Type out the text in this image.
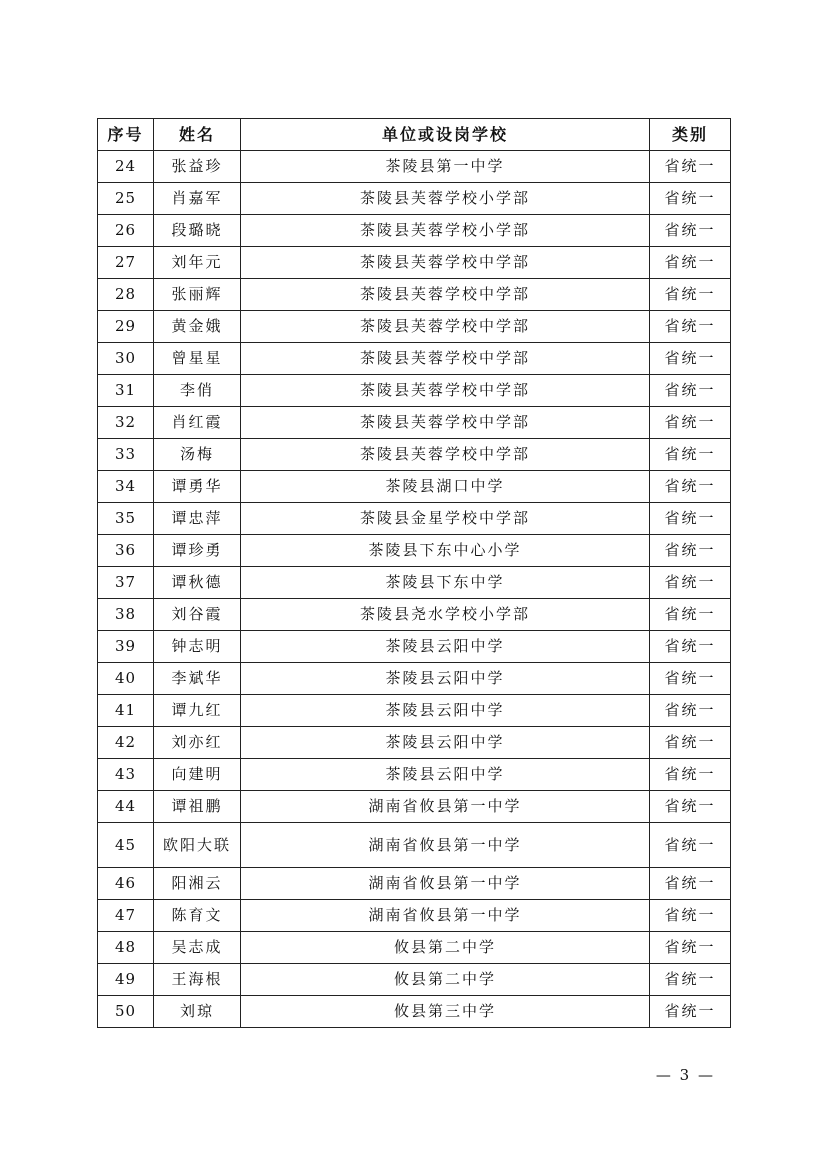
序号	姓名	单位或设岗学校	类别
24	张益珍	茶陵县第一中学	省统一
25	肖嘉军	茶陵县芙蓉学校小学部	省统一
26	段璐晓	茶陵县芙蓉学校小学部	省统一
27	刘年元	茶陵县芙蓉学校中学部	省统一
28	张丽辉	茶陵县芙蓉学校中学部	省统一
29	黄金娥	茶陵县芙蓉学校中学部	省统一
30	曾星星	茶陵县芙蓉学校中学部	省统一
31	李俏	茶陵县芙蓉学校中学部	省统一
32	肖红霞	茶陵县芙蓉学校中学部	省统一
33	汤梅	茶陵县芙蓉学校中学部	省统一
34	谭勇华	茶陵县湖口中学	省统一
35	谭忠萍	茶陵县金星学校中学部	省统一
36	谭珍勇	茶陵县下东中心小学	省统一
37	谭秋德	茶陵县下东中学	省统一
38	刘谷霞	茶陵县尧水学校小学部	省统一
39	钟志明	茶陵县云阳中学	省统一
40	李斌华	茶陵县云阳中学	省统一
41	谭九红	茶陵县云阳中学	省统一
42	刘亦红	茶陵县云阳中学	省统一
43	向建明	茶陵县云阳中学	省统一
44	谭祖鹏	湖南省攸县第一中学	省统一
45	欧阳大联	湖南省攸县第一中学	省统一
46	阳湘云	湖南省攸县第一中学	省统一
47	陈育文	湖南省攸县第一中学	省统一
48	吴志成	攸县第二中学	省统一
49	王海根	攸县第二中学	省统一
50	刘琼	攸县第三中学	省统一
— 3 —
